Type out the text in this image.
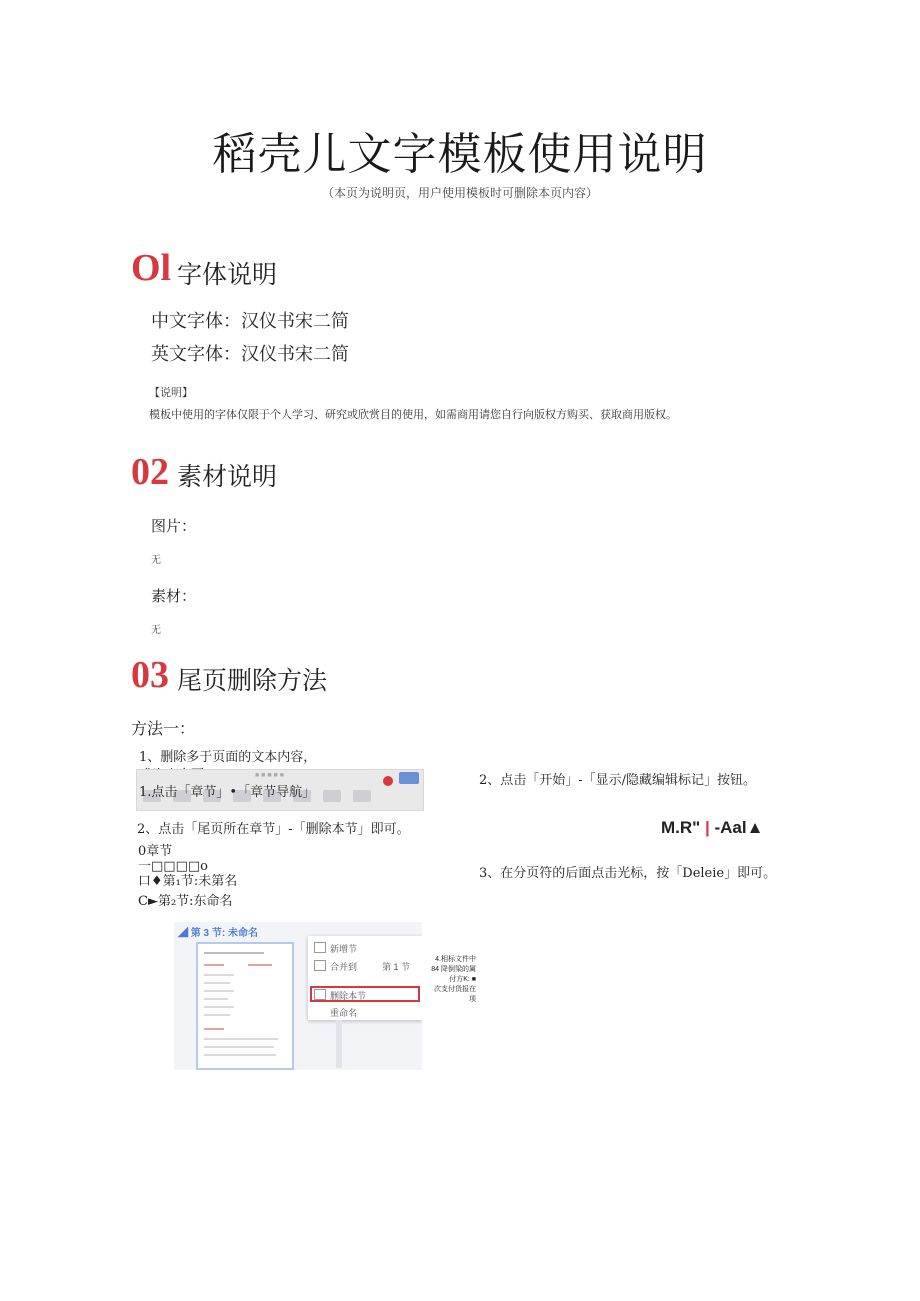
稻壳儿文字模板使用说明
（本页为说明页，用户使用模板时可删除本页内容）
Ol 字体说明
中文字体：汉仪书宋二简
英文字体：汉仪书宋二简
【说明】
模板中使用的字体仅限于个人学习、研究或欣赏目的使用，如需商用请您自行向版权方购买、获取商用版权。
02 素材说明
图片：
无
素材：
无
03 尾页删除方法
方法一：
1、删除多于页面的文本内容，
■ ■ ■ ■ ■
1.点击「章节」•「章节导航」
2、点击「尾页所在章节」-「删除本节」即可。
0章节
一□□□□o
口♦第₁节:未第名
C►第₂节:东命名
2、点击「开始」-「显示/隐藏编辑标记」按钮。
M.R" | -Aal▲
3、在分页符的后面点击光标，按「Deleie」即可。
◢ 第 3 节: 未命名
新增节
合并到	第 1 节
删除本节
重命名
4.相标文件中
84 降倒梁的属
付方K: ■
次支付货报在
项
